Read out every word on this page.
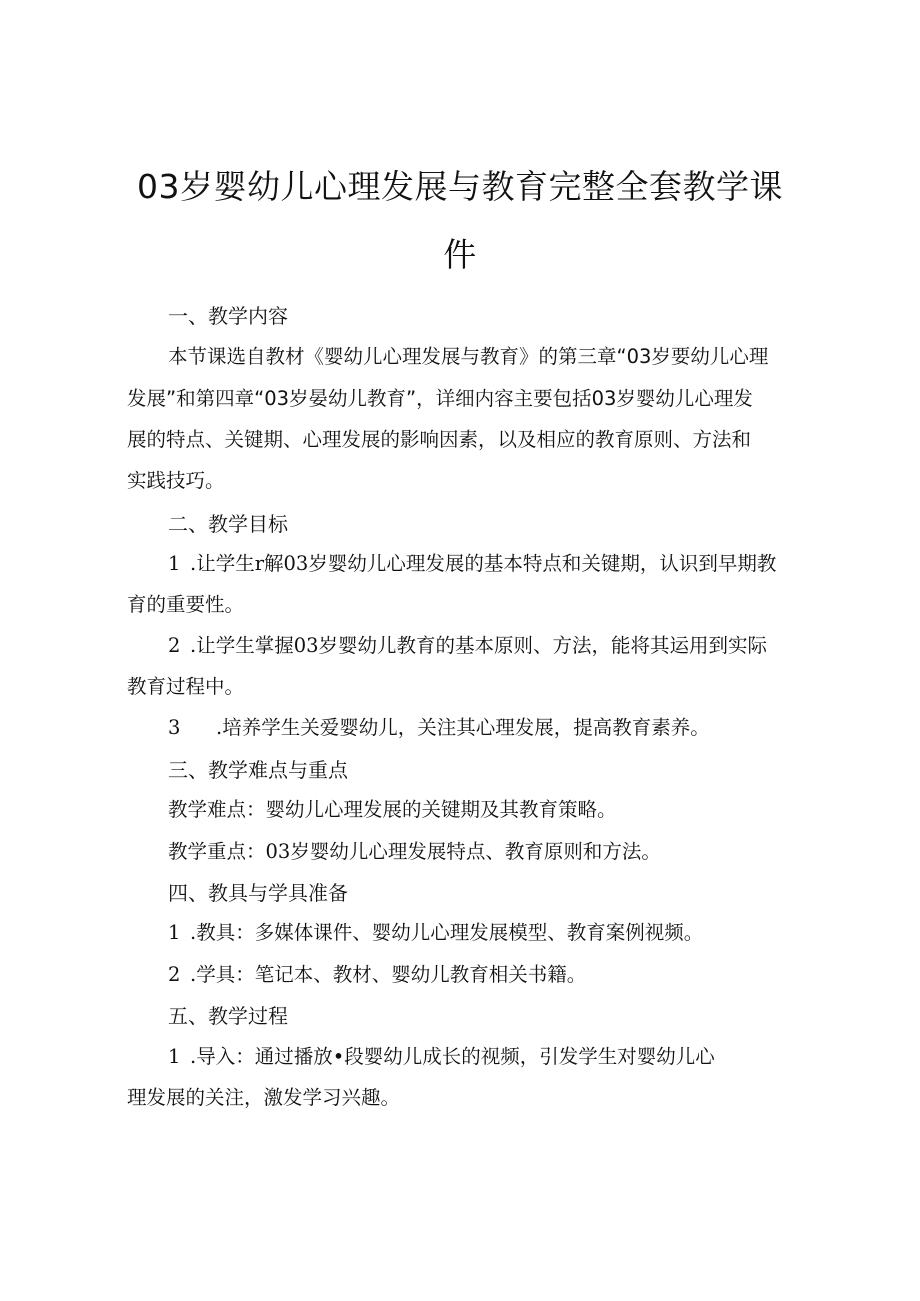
03岁婴幼儿心理发展与教育完整全套教学课
件

一、教学内容

本节课选自教材《婴幼儿心理发展与教育》的第三章“03岁要幼儿心理

发展”和第四章“03岁晏幼儿教育”，详细内容主要包括03岁婴幼儿心理发

展的特点、关键期、心理发展的影响因素，以及相应的教育原则、方法和

实践技巧。

二、教学目标

1 .让学生r解03岁婴幼儿心理发展的基本特点和关键期，认识到早期教

育的重要性。

2 .让学生掌握03岁婴幼儿教育的基本原则、方法，能将其运用到实际

教育过程中。

3 .培养学生关爱婴幼儿，关注其心理发展，提高教育素养。

三、教学难点与重点

教学难点：婴幼儿心理发展的关键期及其教育策略。

教学重点：03岁婴幼儿心理发展特点、教育原则和方法。

四、教具与学具准备

1 .教具：多媒体课件、婴幼儿心理发展模型、教育案例视频。

2 .学具：笔记本、教材、婴幼儿教育相关书籍。

五、教学过程

1 .导入：通过播放•段婴幼儿成长的视频，引发学生对婴幼儿心

理发展的关注，激发学习兴趣。
